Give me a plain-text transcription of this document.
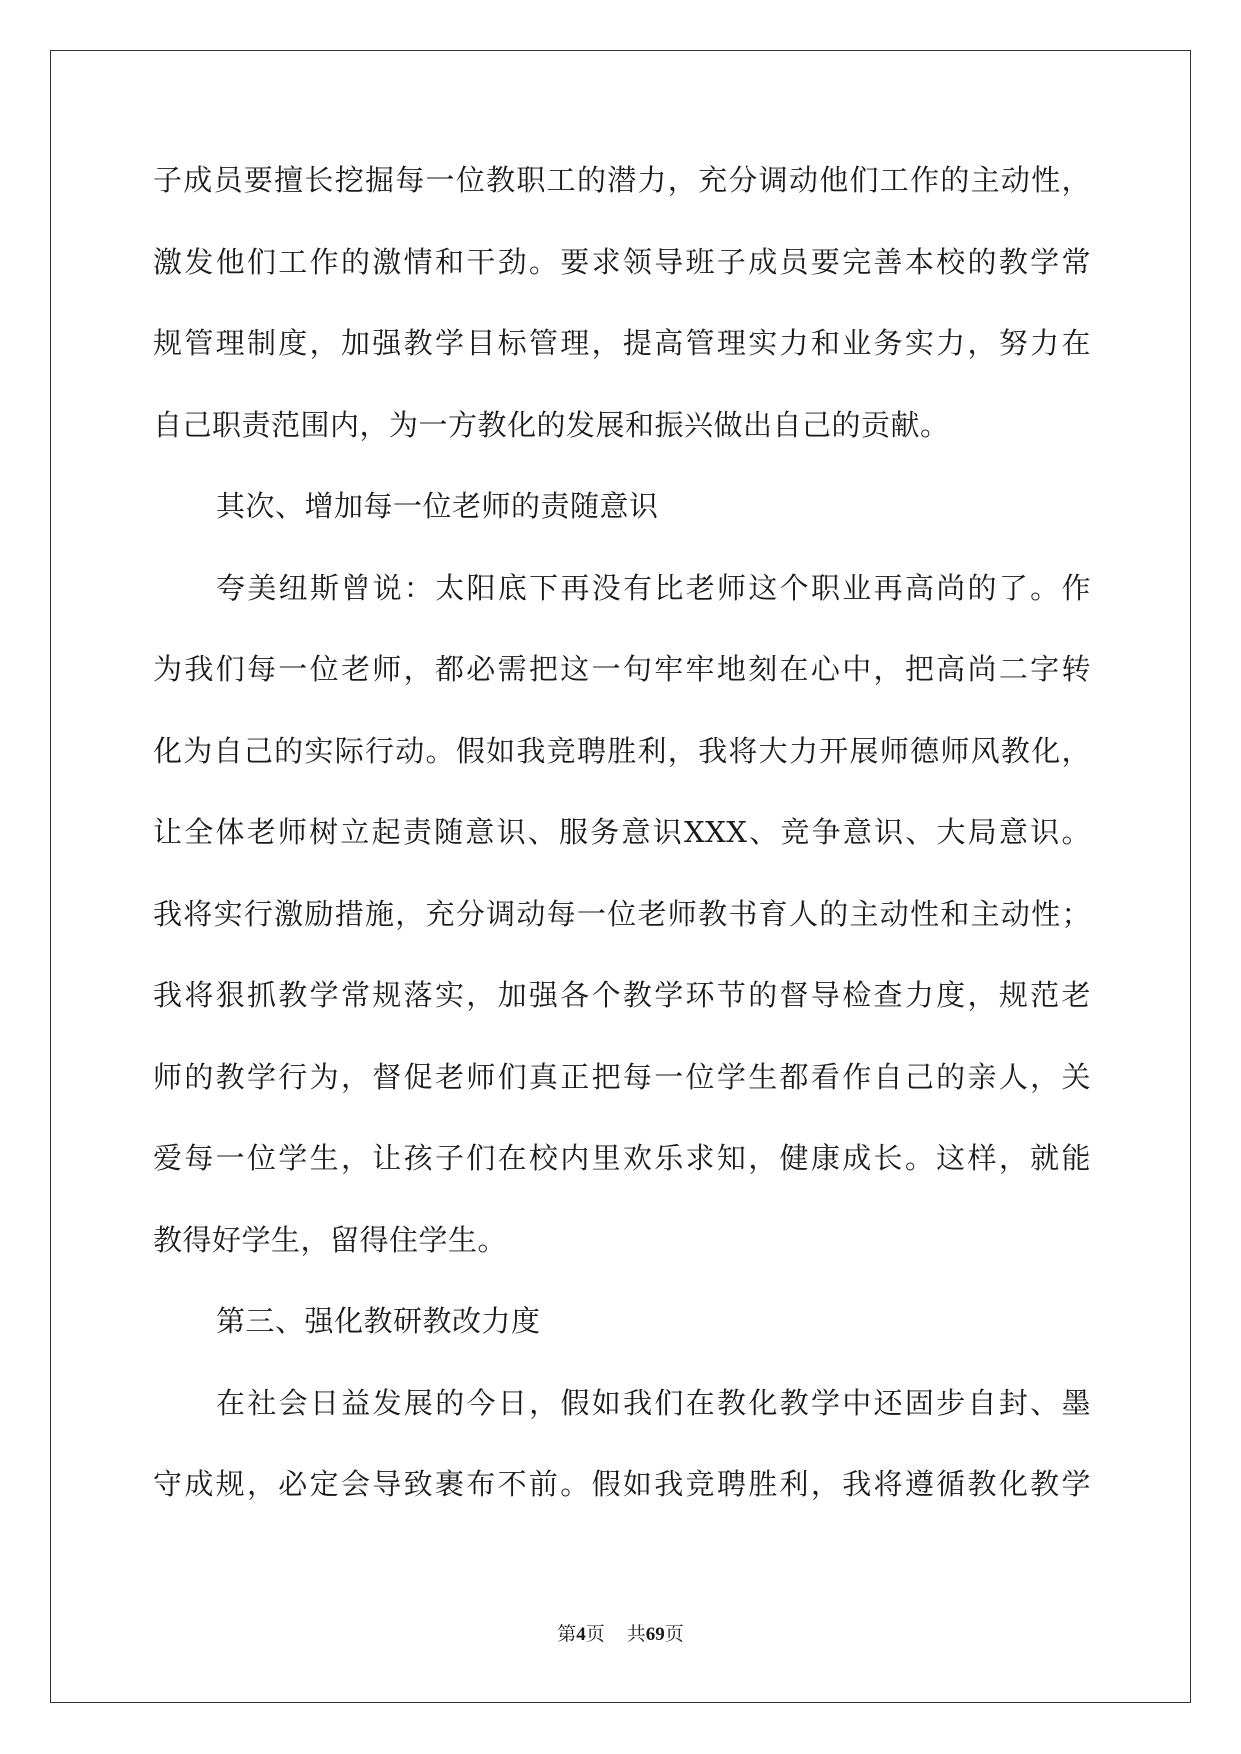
子成员要擅长挖掘每一位教职工的潜力，充分调动他们工作的主动性，
激发他们工作的激情和干劲。要求领导班子成员要完善本校的教学常
规管理制度，加强教学目标管理，提高管理实力和业务实力，努力在
自己职责范围内，为一方教化的发展和振兴做出自己的贡献。
其次、增加每一位老师的责随意识
夸美纽斯曾说：太阳底下再没有比老师这个职业再高尚的了。作
为我们每一位老师，都必需把这一句牢牢地刻在心中，把高尚二字转
化为自己的实际行动。假如我竞聘胜利，我将大力开展师德师风教化，
让全体老师树立起责随意识、服务意识XXX、竞争意识、大局意识。
我将实行激励措施，充分调动每一位老师教书育人的主动性和主动性；
我将狠抓教学常规落实，加强各个教学环节的督导检查力度，规范老
师的教学行为，督促老师们真正把每一位学生都看作自己的亲人，关
爱每一位学生，让孩子们在校内里欢乐求知，健康成长。这样，就能
教得好学生，留得住学生。
第三、强化教研教改力度
在社会日益发展的今日，假如我们在教化教学中还固步自封、墨
守成规，必定会导致裹布不前。假如我竞聘胜利，我将遵循教化教学
第4页 共69页
